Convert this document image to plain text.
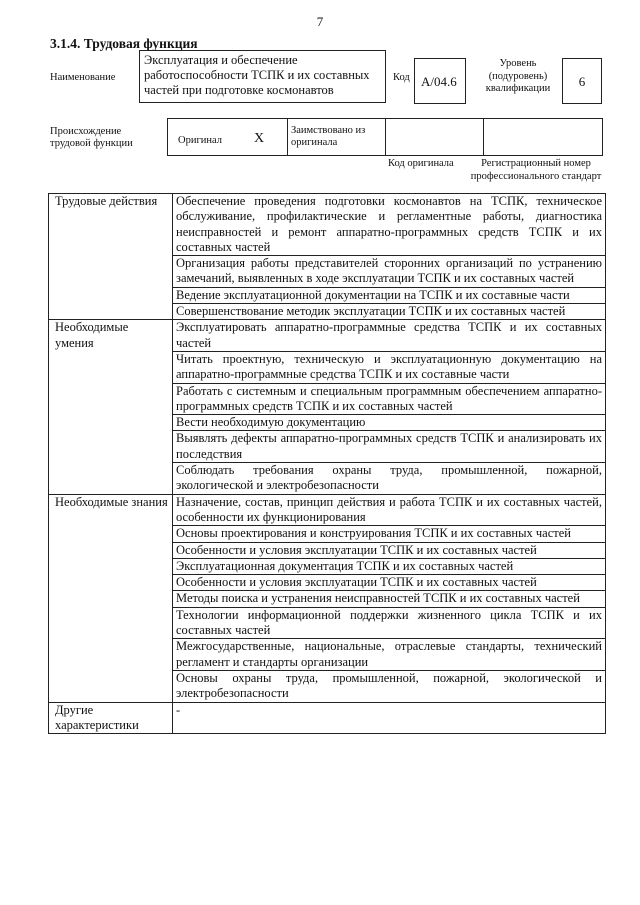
7
3.1.4. Трудовая функция
Наименование
Эксплуатация и обеспечение работоспособности ТСПК и их составных частей при подготовке космонавтов
Код А/04.6
Уровень (подуровень) квалификации	6
Происхождение трудовой функции	Оригинал X
Заимствовано из оригинала
Код оригинала	Регистрационный номер профессионального стандарт
Трудовые действия	Обеспечение проведения подготовки космонавтов на ТСПК, техническое обслуживание, профилактические и регламентные работы, диагностика неисправностей и ремонт аппаратно-программных средств ТСПК и их составных частей
	Организация работы представителей сторонних организаций по устранению замечаний, выявленных в ходе эксплуатации ТСПК и их составных частей
	Ведение эксплуатационной документации на ТСПК и их составные части
	Совершенствование методик эксплуатации ТСПК и их составных частей
Необходимые умения	Эксплуатировать аппаратно-программные средства ТСПК и их составных частей
	Читать проектную, техническую и эксплуатационную документацию на аппаратно-программные средства ТСПК и их составные части
	Работать с системным и специальным программным обеспечением аппаратно-программных средств ТСПК и их составных частей
	Вести необходимую документацию
	Выявлять дефекты аппаратно-программных средств ТСПК и анализировать их последствия
	Соблюдать требования охраны труда, промышленной, пожарной, экологической и электробезопасности
Необходимые знания	Назначение, состав, принцип действия и работа ТСПК и их составных частей, особенности их функционирования
	Основы проектирования и конструирования ТСПК и их составных частей
	Особенности и условия эксплуатации ТСПК и их составных частей
	Эксплуатационная документация ТСПК и их составных частей
	Особенности и условия эксплуатации ТСПК и их составных частей
	Методы поиска и устранения неисправностей ТСПК и их составных частей
	Технологии информационной поддержки жизненного цикла ТСПК и их составных частей
	Межгосударственные, национальные, отраслевые стандарты, технический регламент и стандарты организации
	Основы охраны труда, промышленной, пожарной, экологической и электробезопасности
Другие характеристики	-
